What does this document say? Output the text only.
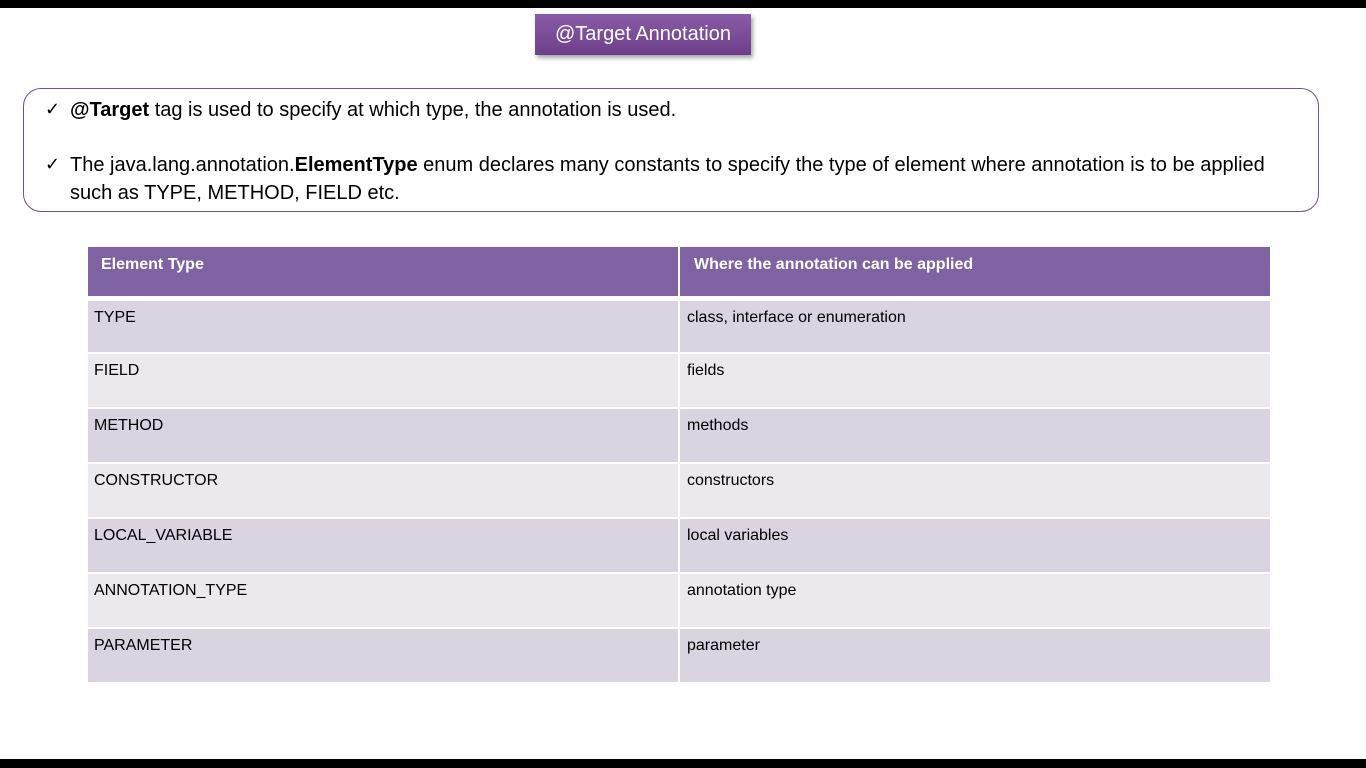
@Target Annotation
✓ @Target tag is used to specify at which type, the annotation is used.
✓ The java.lang.annotation.ElementType enum declares many constants to specify the type of element where annotation is to be applied such as TYPE, METHOD, FIELD etc.
Element Type	Where the annotation can be applied
TYPE	class, interface or enumeration
FIELD	fields
METHOD	methods
CONSTRUCTOR	constructors
LOCAL_VARIABLE	local variables
ANNOTATION_TYPE	annotation type
PARAMETER	parameter
